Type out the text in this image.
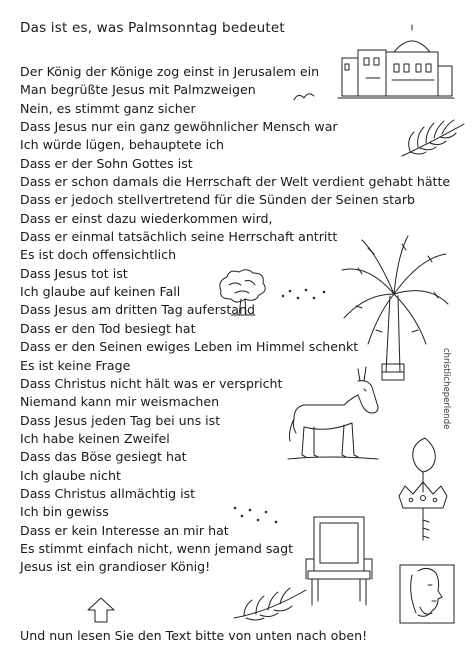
Das ist es, was Palmsonntag bedeutet
Der König der Könige zog einst in Jerusalem ein
Man begrüßte Jesus mit Palmzweigen
Nein, es stimmt ganz sicher
Dass Jesus nur ein ganz gewöhnlicher Mensch war
Ich würde lügen, behauptete ich
Dass er der Sohn Gottes ist
Dass er schon damals die Herrschaft der Welt verdient gehabt hätte
Dass er jedoch stellvertretend für die Sünden der Seinen starb
Dass er einst dazu wiederkommen wird,
Dass er einmal tatsächlich seine Herrschaft antritt
Es ist doch offensichtlich
Dass Jesus tot ist
Ich glaube auf keinen Fall
Dass Jesus am dritten Tag auferstand
Dass er den Tod besiegt hat
Dass er den Seinen ewiges Leben im Himmel schenkt
Es ist keine Frage
Dass Christus nicht hält was er verspricht
Niemand kann mir weismachen
Dass Jesus jeden Tag bei uns ist
Ich habe keinen Zweifel
Dass das Böse gesiegt hat
Ich glaube nicht
Dass Christus allmächtig ist
Ich bin gewiss
Dass er kein Interesse an mir hat
Es stimmt einfach nicht, wenn jemand sagt
Jesus ist ein grandioser König!
Und nun lesen Sie den Text bitte von unten nach oben!
christlicheperlende
